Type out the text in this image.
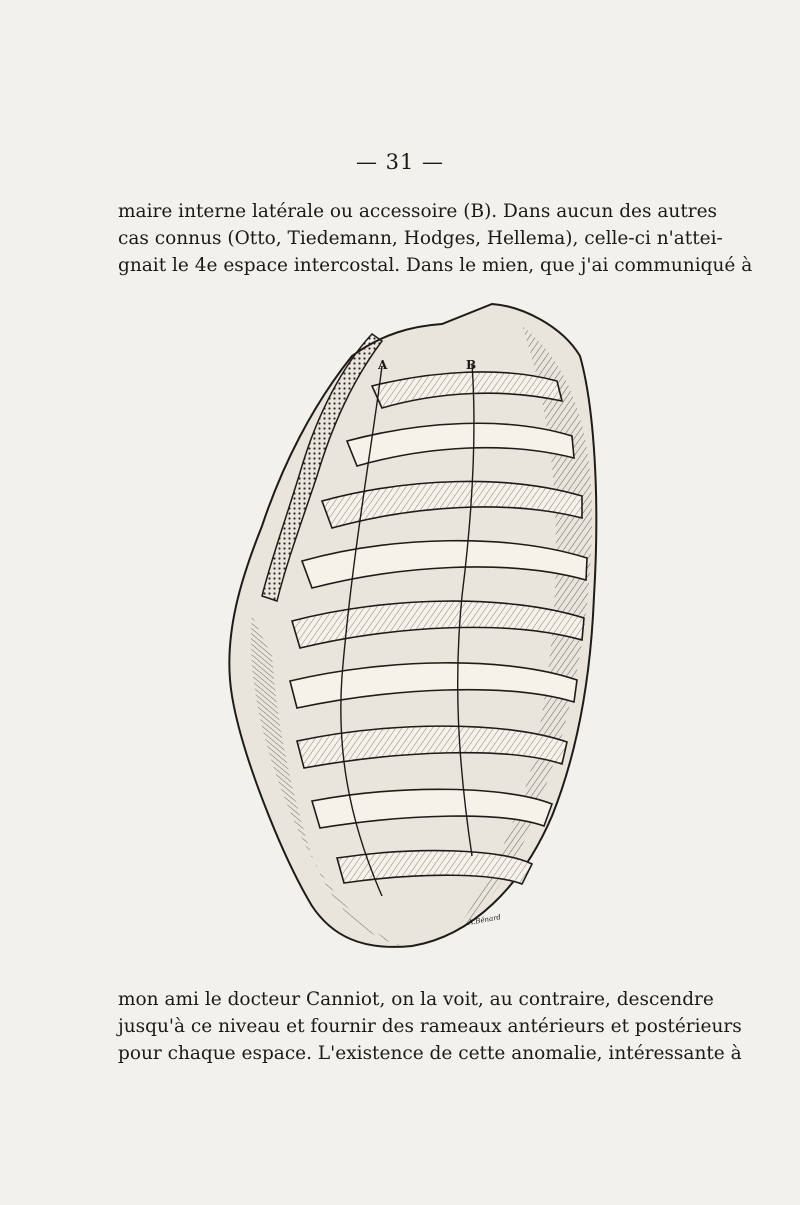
— 31 —
maire interne latérale ou accessoire (B). Dans aucun des autres
cas connus (Otto, Tiedemann, Hodges, Hellema), celle-ci n'attei-
gnait le 4e espace intercostal. Dans le mien, que j'ai communiqué à
A	B
A.Bénard
mon ami le docteur Canniot, on la voit, au contraire, descendre
jusqu'à ce niveau et fournir des rameaux antérieurs et postérieurs
pour chaque espace. L'existence de cette anomalie, intéressante à
